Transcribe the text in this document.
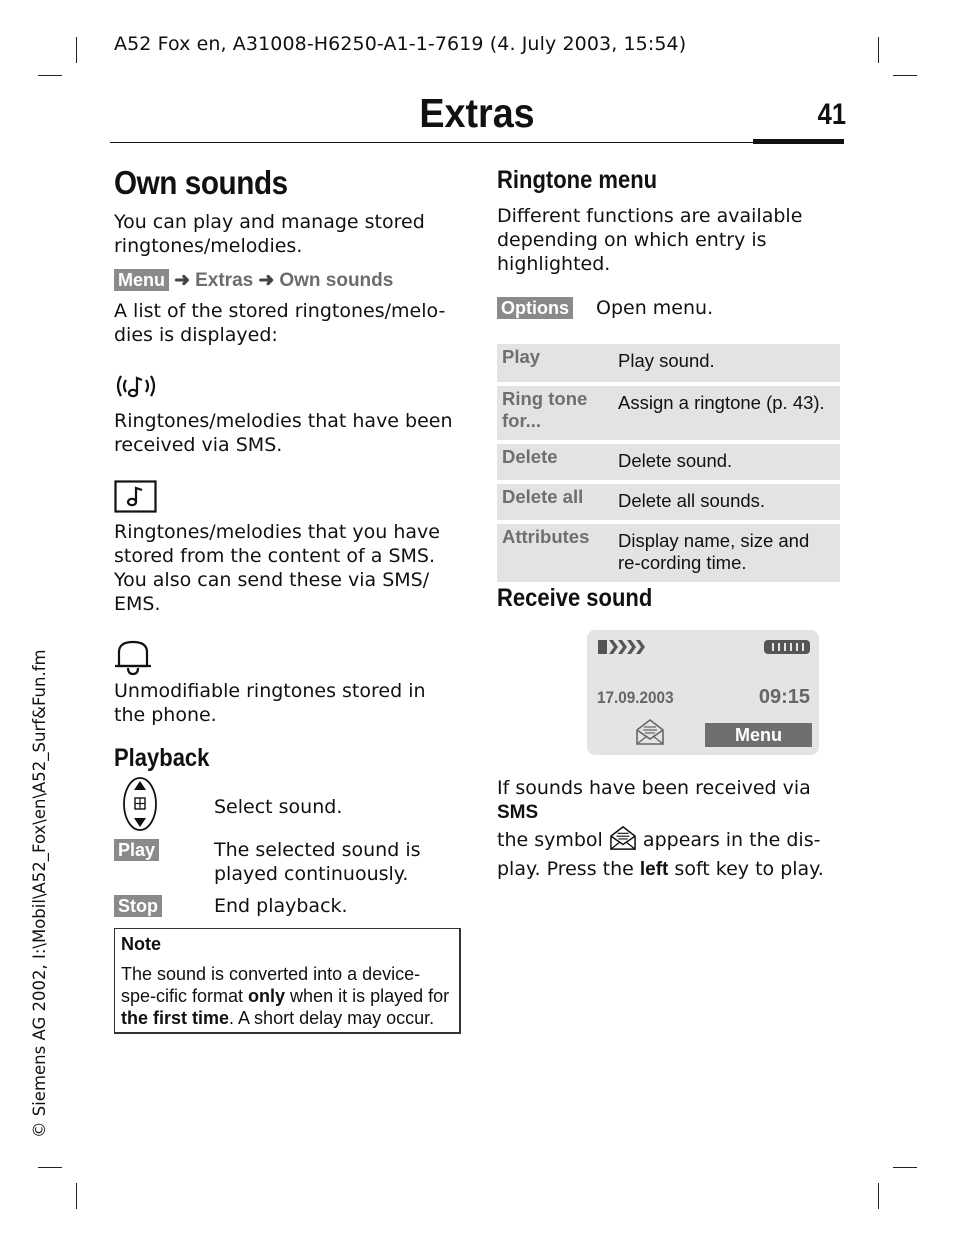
A52 Fox en, A31008-H6250-A1-1-7619 (4. July 2003, 15:54)
© Siemens AG 2002, I:\Mobil\A52_Fox\en\A52_Surf&Fun.fm
Extras	41
Own sounds
You can play and manage stored ringtones/melodies.
Menu ➜ Extras ➜ Own sounds
A list of the stored ringtones/melo-dies is displayed:
Ringtones/melodies that have been received via SMS.
Ringtones/melodies that you have stored from the content of a SMS. You also can send these via SMS/ EMS.
Unmodifiable ringtones stored in the phone.
Playback
Select sound.
Play	The selected sound is played continuously.
Stop	End playback.
Note
The sound is converted into a device-spe-cific format only when it is played for the first time. A short delay may occur.
Ringtone menu
Different functions are available depending on which entry is highlighted.
Options Open menu.
Play	Play sound.
Ring tone for...	Assign a ringtone (p. 43).
Delete	Delete sound.
Delete all	Delete all sounds.
Attributes	Display name, size and re-cording time.
Receive sound
17.09.2003	09:15
Menu
If sounds have been received via SMS
the symbol  appears in the dis-play. Press the left soft key to play.
